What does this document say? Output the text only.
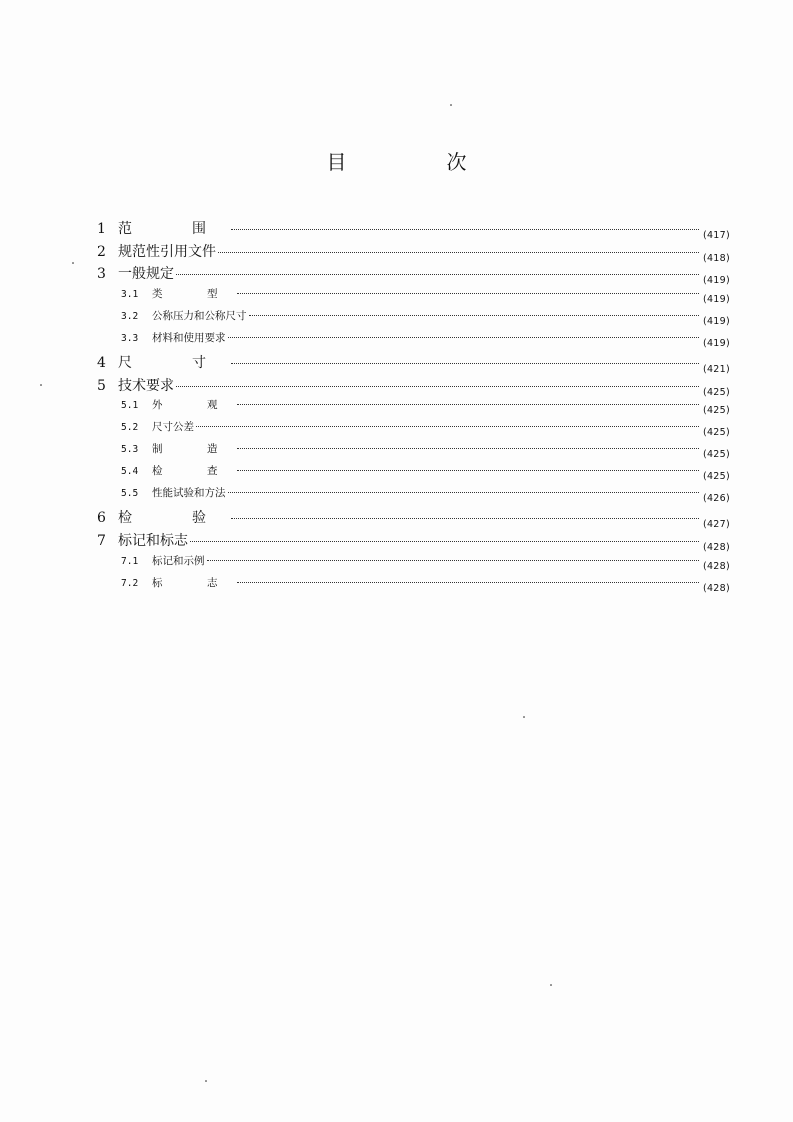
目　次
1 范　围	(417)
2 规范性引用文件	(418)
3 一般规定	(419)
3.1	类　型	(419)
3.2	公称压力和公称尺寸	(419)
3.3	材料和使用要求	(419)
4 尺　寸	(421)
5 技术要求	(425)
5.1	外　观	(425)
5.2	尺寸公差	(425)
5.3	制　造	(425)
5.4	检　查	(425)
5.5	性能试验和方法	(426)
6 检　验	(427)
7 标记和标志	(428)
7.1	标记和示例	(428)
7.2	标　志	(428)
